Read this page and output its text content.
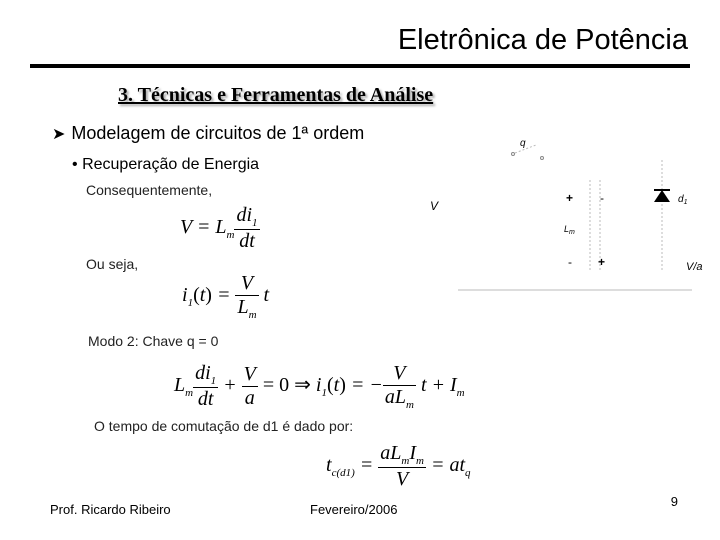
Eletrônica de Potência
3. Técnicas e Ferramentas de Análise
➤ Modelagem de circuitos de 1ª ordem
• Recuperação de Energia
Consequentemente,
$V = L_m \frac{di_1}{dt}$
Ou seja,
$i_1(t) = \frac{V}{L_m}$ t
Modo 2: Chave q = 0
$L_m \frac{di_1}{dt} + \frac{V}{a} = 0$ ⇒ $i_1(t)$ = − $\frac{V}{aL_m}$ $t + I_m$
O tempo de comutação de d1 é dado por:
$t_{c(d1)} = \frac{aL_mI_m}{V} = at_q$
q
V
+ -
$L_m$
- +
$d_1$
V/a
Prof. Ricardo Ribeiro	Fevereiro/2006
9
